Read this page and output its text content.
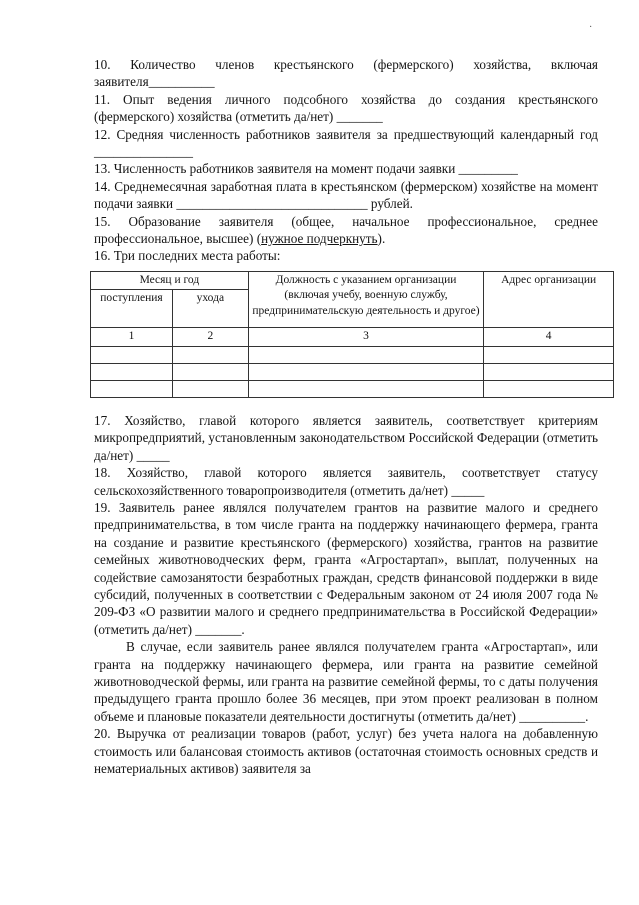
·

10. Количество членов крестьянского (фермерского) хозяйства, включая заявителя__________

11. Опыт ведения личного подсобного хозяйства до создания крестьянского (фермерского) хозяйства (отметить да/нет) _______

12. Средняя численность работников заявителя за предшествующий календарный год _______________

13. Численность работников заявителя на момент подачи заявки _________

14. Среднемесячная заработная плата в крестьянском (фермерском) хозяйстве на момент подачи заявки _____________________________ рублей.

15. Образование заявителя (общее, начальное профессиональное, среднее профессиональное, высшее) (нужное подчеркнуть).

16. Три последних места работы:

Месяц и год		Должность с указанием организации (включая учебу, военную службу, предпринимательскую деятельность и другое)	Адрес организации
поступления	ухода		
1	2	3	4

17. Хозяйство, главой которого является заявитель, соответствует критериям микропредприятий, установленным законодательством Российской Федерации (отметить да/нет) _____

18. Хозяйство, главой которого является заявитель, соответствует статусу сельскохозяйственного товаропроизводителя (отметить да/нет) _____

19. Заявитель ранее являлся получателем грантов на развитие малого и среднего предпринимательства, в том числе гранта на поддержку начинающего фермера, гранта на создание и развитие крестьянского (фермерского) хозяйства, грантов на развитие семейных животноводческих ферм, гранта «Агростартап», выплат, полученных на содействие самозанятости безработных граждан, средств финансовой поддержки в виде субсидий, полученных в соответствии с Федеральным законом от 24 июля 2007 года № 209-ФЗ «О развитии малого и среднего предпринимательства в Российской Федерации» (отметить да/нет) _______.

В случае, если заявитель ранее являлся получателем гранта «Агростартап», или гранта на поддержку начинающего фермера, или гранта на развитие семейной животноводческой фермы, или гранта на развитие семейной фермы, то с даты получения предыдущего гранта прошло более 36 месяцев, при этом проект реализован в полном объеме и плановые показатели деятельности достигнуты (отметить да/нет) __________.

20. Выручка от реализации товаров (работ, услуг) без учета налога на добавленную стоимость или балансовая стоимость активов (остаточная стоимость основных средств и нематериальных активов) заявителя за
